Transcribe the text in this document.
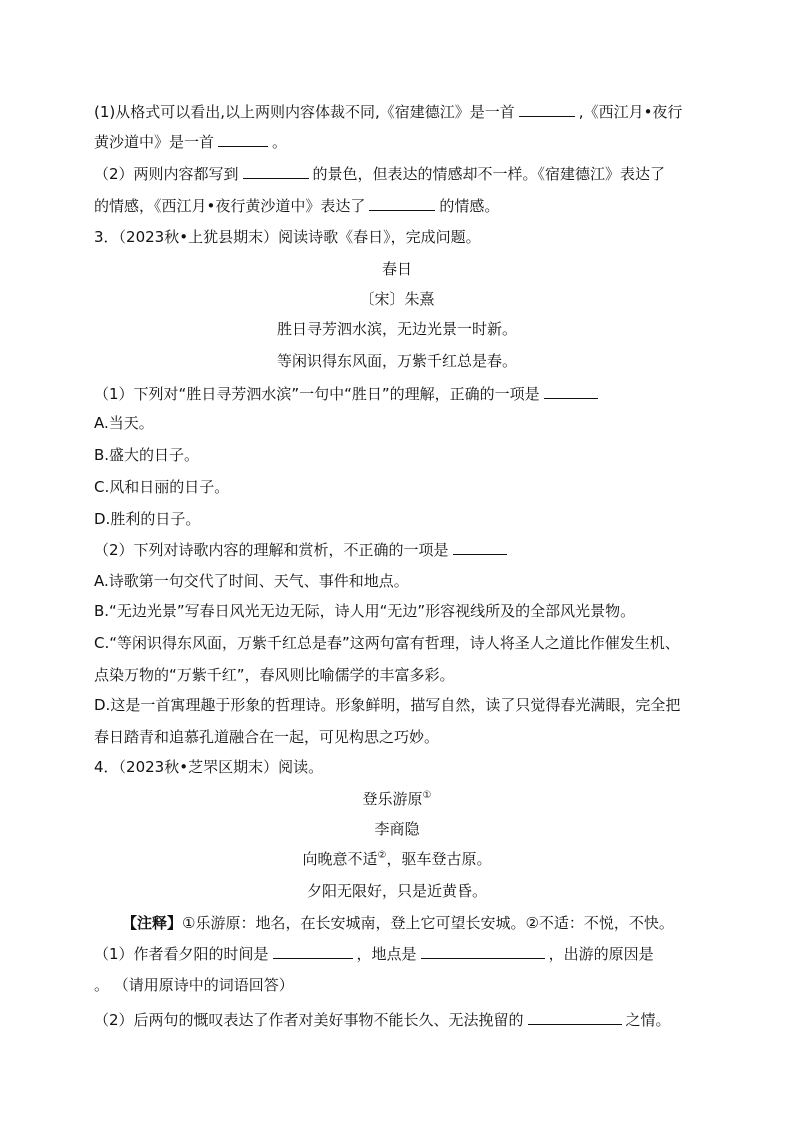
(1)从格式可以看出,以上两则内容体裁不同,《宿建德江》是一首	,《西江月•夜行
黄沙道中》是一首	。
（2）两则内容都写到	的景色，但表达的情感却不一样。《宿建德江》表达了
的情感，《西江月•夜行黄沙道中》表达了	的情感。
3．（2023秋•上犹县期末）阅读诗歌《春日》，完成问题。
春日
〔宋〕朱熹
胜日寻芳泗水滨，无边光景一时新。
等闲识得东风面，万紫千红总是春。
（1）下列对“胜日寻芳泗水滨”一句中“胜日”的理解，正确的一项是
A.当天。
B.盛大的日子。
C.风和日丽的日子。
D.胜利的日子。
（2）下列对诗歌内容的理解和赏析，不正确的一项是
A.诗歌第一句交代了时间、天气、事件和地点。
B.“无边光景”写春日风光无边无际，诗人用“无边”形容视线所及的全部风光景物。
C.“等闲识得东风面，万紫千红总是春”这两句富有哲理，诗人将圣人之道比作催发生机、
点染万物的“万紫千红”，春风则比喻儒学的丰富多彩。
D.这是一首寓理趣于形象的哲理诗。形象鲜明，描写自然，读了只觉得春光满眼，完全把
春日踏青和追慕孔道融合在一起，可见构思之巧妙。
4．（2023秋•芝罘区期末）阅读。
登乐游原①
李商隐
向晚意不适②，驱车登古原。
夕阳无限好，只是近黄昏。
【注释】①乐游原：地名，在长安城南，登上它可望长安城。②不适：不悦，不快。
（1）作者看夕阳的时间是	，地点是	，出游的原因是
。 （请用原诗中的词语回答）
（2）后两句的慨叹表达了作者对美好事物不能长久、无法挽留的	之情。
